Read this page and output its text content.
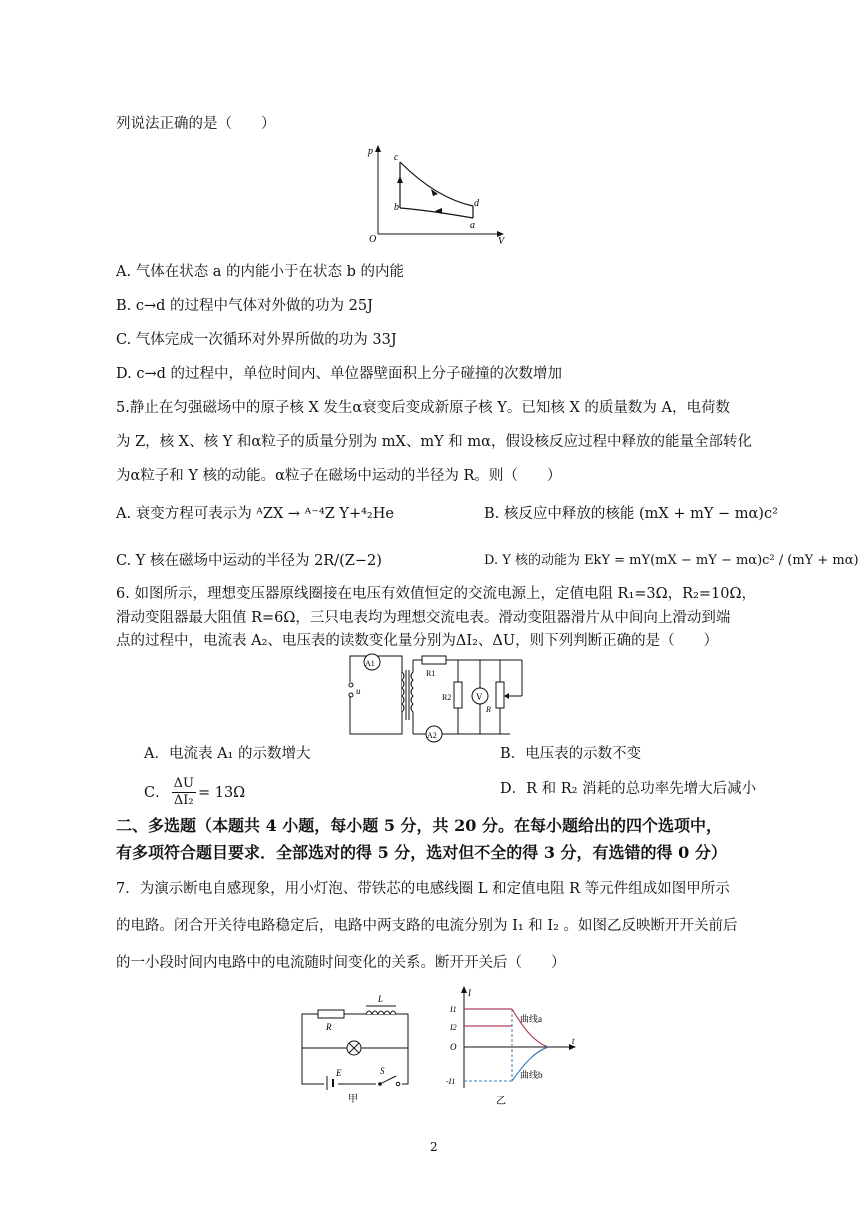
列说法正确的是（　　）
p
V
O
c
b	d
a
A. 气体在状态 a 的内能小于在状态 b 的内能
B. c→d 的过程中气体对外做的功为 25J
C. 气体完成一次循环对外界所做的功为 33J
D. c→d 的过程中，单位时间内、单位器壁面积上分子碰撞的次数增加
5.静止在匀强磁场中的原子核 X 发生α衰变后变成新原子核 Y。已知核 X 的质量数为 A，电荷数
为 Z，核 X、核 Y 和α粒子的质量分别为 mX、mY 和 mα，假设核反应过程中释放的能量全部转化
为α粒子和 Y 核的动能。α粒子在磁场中运动的半径为 R。则（　　）
A. 衰变方程可表示为 ᴬZX → ᴬ⁻⁴Z Y+⁴₂He	B. 核反应中释放的核能 (mX + mY − mα)c²
C. Y 核在磁场中运动的半径为 2R/(Z−2)	D. Y 核的动能为 EkY = mY(mX − mY − mα)c² / (mY + mα)
6. 如图所示，理想变压器原线圈接在电压有效值恒定的交流电源上，定值电阻 R₁=3Ω，R₂=10Ω，
滑动变阻器最大阻值 R=6Ω，三只电表均为理想交流电表。滑动变阻器滑片从中间向上滑动到端
点的过程中，电流表 A₂、电压表的读数变化量分别为ΔI₂、ΔU，则下列判断正确的是（　　）
u
A1
R1
R2	V
R
A2
A．电流表 A₁ 的示数增大	B．电压表的示数不变
C． $\frac{\Delta U}{\text{ΔI₂}} = 13\Omega$	D．R 和 R₂ 消耗的总功率先增大后减小
二、多选题（本题共 4 小题，每小题 5 分，共 20 分。在每小题给出的四个选项中，
有多项符合题目要求．全部选对的得 5 分，选对但不全的得 3 分，有选错的得 0 分）
7．为演示断电自感现象，用小灯泡、带铁芯的电感线圈 L 和定值电阻 R 等元件组成如图甲所示
的电路。闭合开关待电路稳定后，电路中两支路的电流分别为 I₁ 和 I₂ 。如图乙反映断开开关前后
的一小段时间内电路中的电流随时间变化的关系。断开开关后（　　）
R
L
E	S
甲
I
t
O
I1
I2
-I1
曲线a
曲线b
乙
2
